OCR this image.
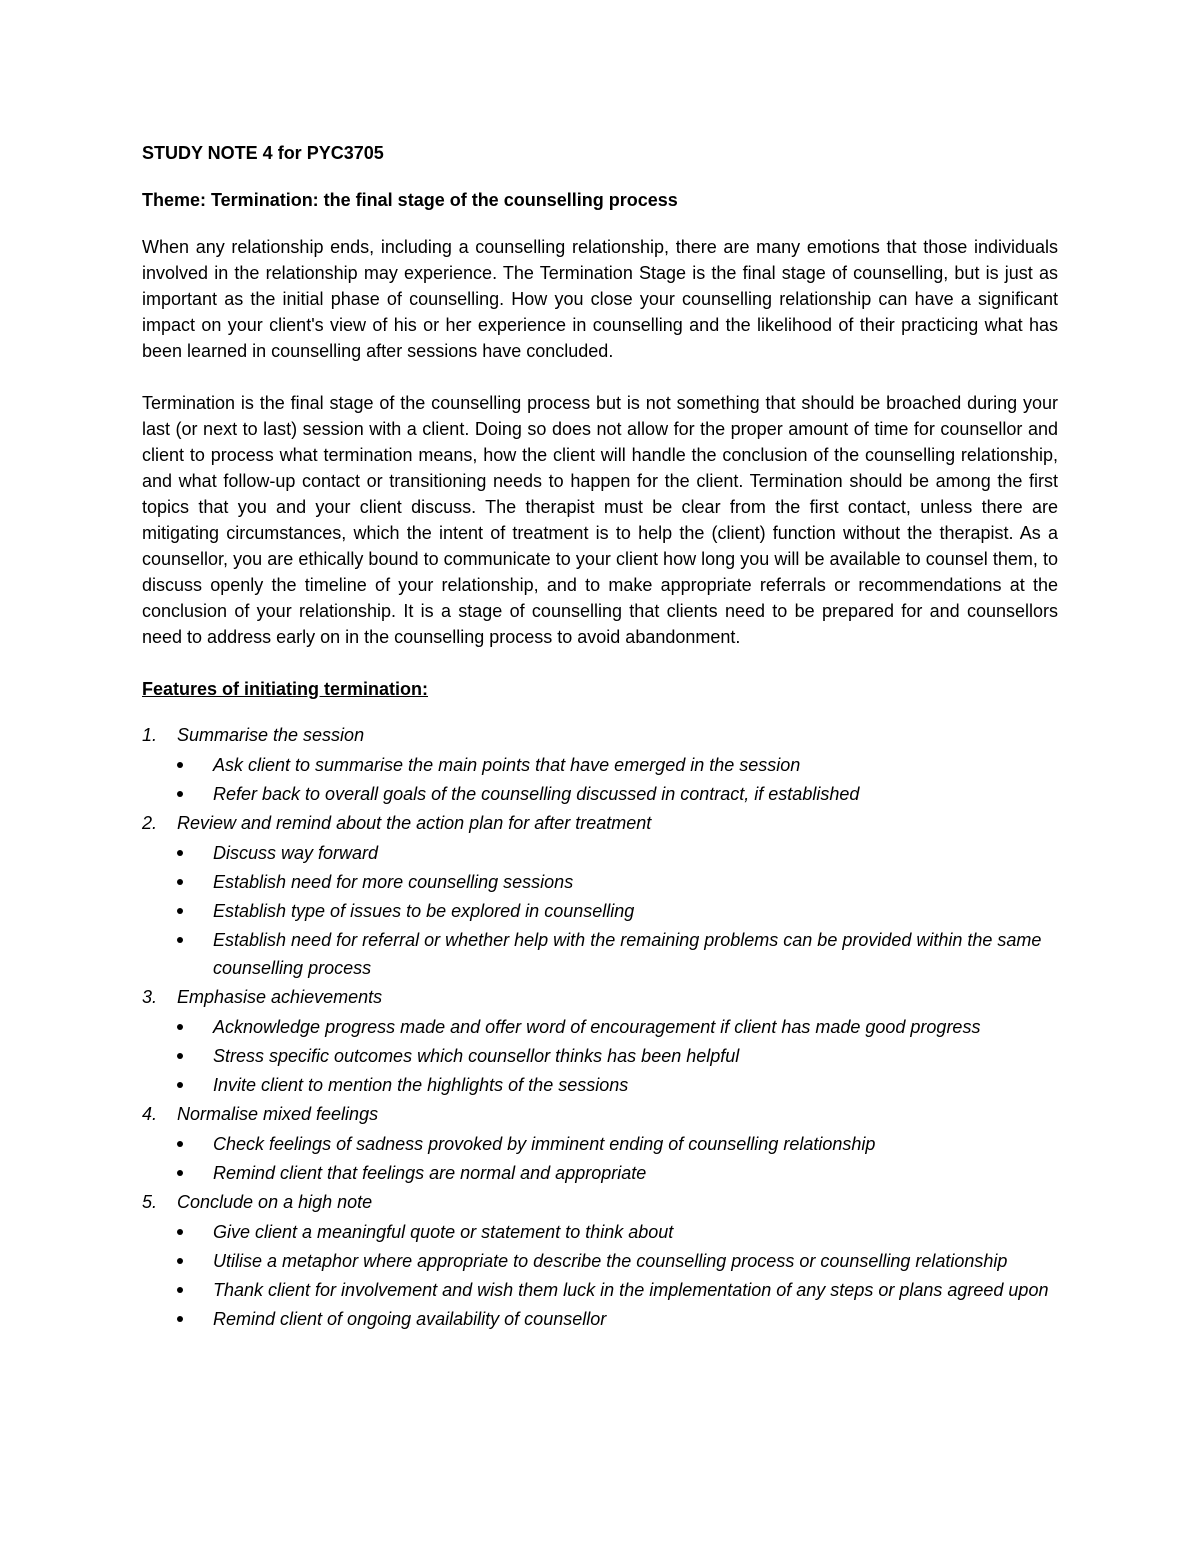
STUDY NOTE 4 for PYC3705
Theme: Termination: the final stage of the counselling process

When any relationship ends, including a counselling relationship, there are many emotions that those individuals involved in the relationship may experience. The Termination Stage is the final stage of counselling, but is just as important as the initial phase of counselling. How you close your counselling relationship can have a significant impact on your client's view of his or her experience in counselling and the likelihood of their practicing what has been learned in counselling after sessions have concluded.

Termination is the final stage of the counselling process but is not something that should be broached during your last (or next to last) session with a client. Doing so does not allow for the proper amount of time for counsellor and client to process what termination means, how the client will handle the conclusion of the counselling relationship, and what follow-up contact or transitioning needs to happen for the client. Termination should be among the first topics that you and your client discuss. The therapist must be clear from the first contact, unless there are mitigating circumstances, which the intent of treatment is to help the (client) function without the therapist. As a counsellor, you are ethically bound to communicate to your client how long you will be available to counsel them, to discuss openly the timeline of your relationship, and to make appropriate referrals or recommendations at the conclusion of your relationship. It is a stage of counselling that clients need to be prepared for and counsellors need to address early on in the counselling process to avoid abandonment.

Features of initiating termination:
1. Summarise the session
Ask client to summarise the main points that have emerged in the session
Refer back to overall goals of the counselling discussed in contract, if established
2. Review and remind about the action plan for after treatment
Discuss way forward
Establish need for more counselling sessions
Establish type of issues to be explored in counselling
Establish need for referral or whether help with the remaining problems can be provided within the same counselling process
3. Emphasise achievements
Acknowledge progress made and offer word of encouragement if client has made good progress
Stress specific outcomes which counsellor thinks has been helpful
Invite client to mention the highlights of the sessions
4. Normalise mixed feelings
Check feelings of sadness provoked by imminent ending of counselling relationship
Remind client that feelings are normal and appropriate
5. Conclude on a high note
Give client a meaningful quote or statement to think about
Utilise a metaphor where appropriate to describe the counselling process or counselling relationship
Thank client for involvement and wish them luck in the implementation of any steps or plans agreed upon
Remind client of ongoing availability of counsellor
